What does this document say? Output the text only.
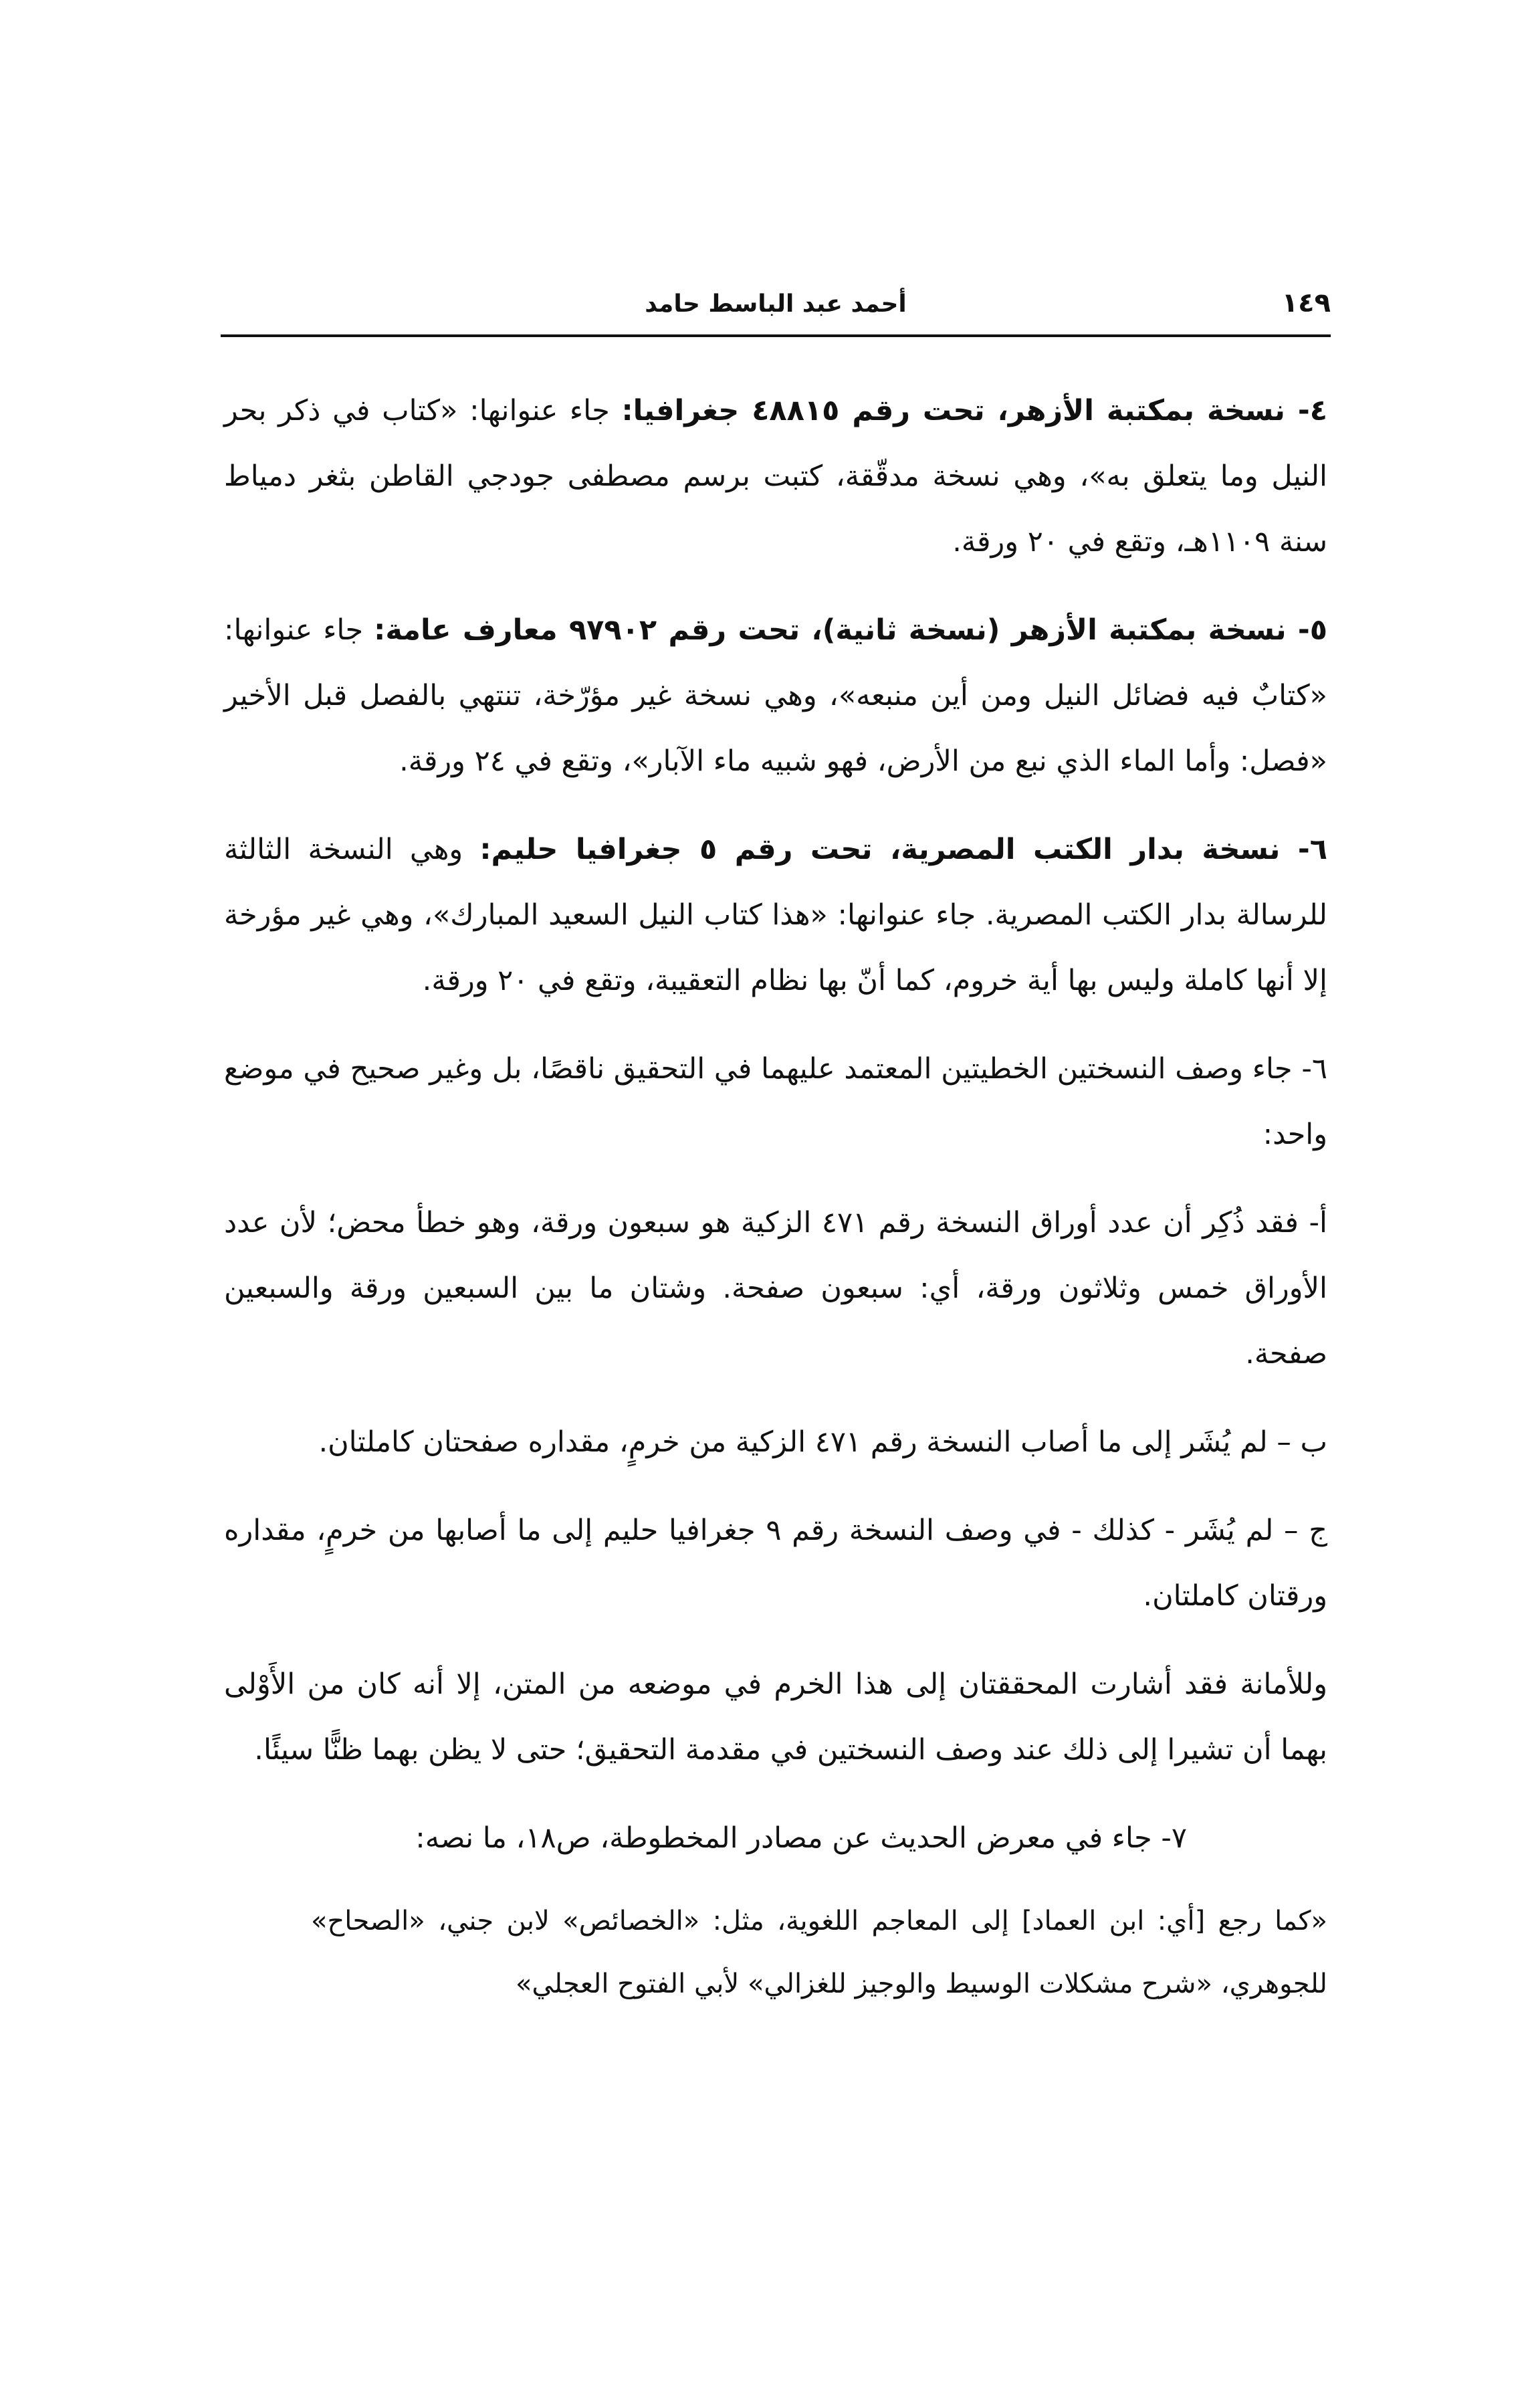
١٤٩
أحمد عبد الباسط حامد

٤- نسخة بمكتبة الأزهر، تحت رقم ٤٨٨١٥ جغرافيا: جاء عنوانها: «كتاب في ذكر بحر النيل وما يتعلق به»، وهي نسخة مدقّقة، كتبت برسم مصطفى جودجي القاطن بثغر دمياط سنة ١١٠٩هـ، وتقع في ٢٠ ورقة.

٥- نسخة بمكتبة الأزهر (نسخة ثانية)، تحت رقم ٩٧٩٠٢ معارف عامة: جاء عنوانها: «كتابٌ فيه فضائل النيل ومن أين منبعه»، وهي نسخة غير مؤرّخة، تنتهي بالفصل قبل الأخير «فصل: وأما الماء الذي نبع من الأرض، فهو شبيه ماء الآبار»، وتقع في ٢٤ ورقة.

٦- نسخة بدار الكتب المصرية، تحت رقم ٥ جغرافيا حليم: وهي النسخة الثالثة للرسالة بدار الكتب المصرية. جاء عنوانها: «هذا كتاب النيل السعيد المبارك»، وهي غير مؤرخة إلا أنها كاملة وليس بها أية خروم، كما أنّ بها نظام التعقيبة، وتقع في ٢٠ ورقة.

٦- جاء وصف النسختين الخطيتين المعتمد عليهما في التحقيق ناقصًا، بل وغير صحيح في موضع واحد:

أ- فقد ذُكِر أن عدد أوراق النسخة رقم ٤٧١ الزكية هو سبعون ورقة، وهو خطأ محض؛ لأن عدد الأوراق خمس وثلاثون ورقة، أي: سبعون صفحة. وشتان ما بين السبعين ورقة والسبعين صفحة.

ب – لم يُشَر إلى ما أصاب النسخة رقم ٤٧١ الزكية من خرمٍ، مقداره صفحتان كاملتان.

ج – لم يُشَر - كذلك - في وصف النسخة رقم ٩ جغرافيا حليم إلى ما أصابها من خرمٍ، مقداره ورقتان كاملتان.

وللأمانة فقد أشارت المحققتان إلى هذا الخرم في موضعه من المتن، إلا أنه كان من الأَوْلى بهما أن تشيرا إلى ذلك عند وصف النسختين في مقدمة التحقيق؛ حتى لا يظن بهما ظنًّا سيئًا.

٧- جاء في معرض الحديث عن مصادر المخطوطة، ص١٨، ما نصه:

«كما رجع [أي: ابن العماد] إلى المعاجم اللغوية، مثل: «الخصائص» لابن جني، «الصحاح» للجوهري، «شرح مشكلات الوسيط والوجيز للغزالي» لأبي الفتوح العجلي»
